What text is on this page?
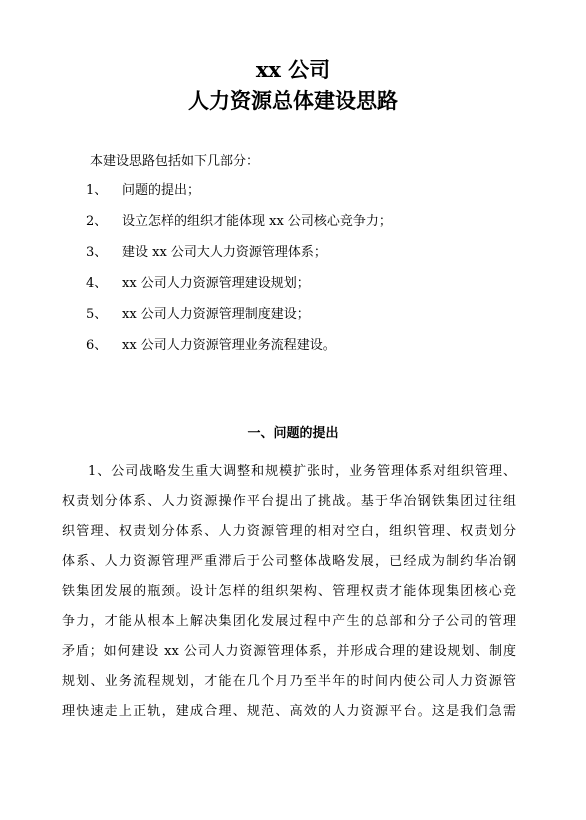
xx 公司
人力资源总体建设思路
本建设思路包括如下几部分：
1、 问题的提出；
2、 设立怎样的组织才能体现 xx 公司核心竞争力；
3、 建设 xx 公司大人力资源管理体系；
4、 xx 公司人力资源管理建设规划；
5、 xx 公司人力资源管理制度建设；
6、 xx 公司人力资源管理业务流程建设。
一、问题的提出
1、公司战略发生重大调整和规模扩张时，业务管理体系对组织管理、
权责划分体系、人力资源操作平台提出了挑战。基于华冶钢铁集团过往组
织管理、权责划分体系、人力资源管理的相对空白，组织管理、权责划分
体系、人力资源管理严重滞后于公司整体战略发展，已经成为制约华冶钢
铁集团发展的瓶颈。设计怎样的组织架构、管理权责才能体现集团核心竞
争力，才能从根本上解决集团化发展过程中产生的总部和分子公司的管理
矛盾；如何建设 xx 公司人力资源管理体系，并形成合理的建设规划、制度
规划、业务流程规划，才能在几个月乃至半年的时间内使公司人力资源管
理快速走上正轨，建成合理、规范、高效的人力资源平台。这是我们急需
